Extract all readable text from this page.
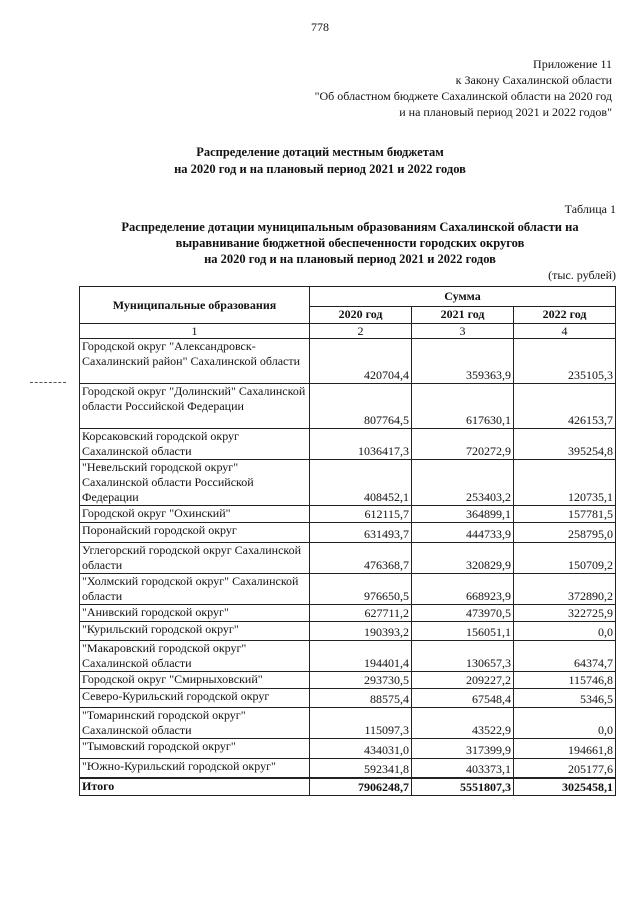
778
Приложение 11
к Закону Сахалинской области
"Об областном бюджете Сахалинской области на 2020 год
и на плановый период 2021 и 2022 годов"
Распределение дотаций местным бюджетам
на 2020 год и на плановый период 2021 и 2022 годов
Таблица 1
Распределение дотации муниципальным образованиям Сахалинской области на
выравнивание бюджетной обеспеченности городских округов
на 2020 год и на плановый период 2021 и 2022 годов
(тыс. рублей)
Муниципальные образования	Сумма		
	2020 год	2021 год	2022 год
1	2	3	4
Городской округ "Александровск-Сахалинский район" Сахалинской области	420704,4	359363,9	235105,3
Городской округ "Долинский" Сахалинской области Российской Федерации	807764,5	617630,1	426153,7
Корсаковский городской округ Сахалинской области	1036417,3	720272,9	395254,8
"Невельский городской округ" Сахалинской области Российской Федерации	408452,1	253403,2	120735,1
Городской округ "Охинский"	612115,7	364899,1	157781,5
Поронайский городской округ	631493,7	444733,9	258795,0
Углегорский городской округ Сахалинской области	476368,7	320829,9	150709,2
"Холмский городской округ" Сахалинской области	976650,5	668923,9	372890,2
"Анивский городской округ"	627711,2	473970,5	322725,9
"Курильский городской округ"	190393,2	156051,1	0,0
"Макаровский городской округ" Сахалинской области	194401,4	130657,3	64374,7
Городской округ "Смирныховский"	293730,5	209227,2	115746,8
Северо-Курильский городской округ	88575,4	67548,4	5346,5
"Томаринский городской округ" Сахалинской области	115097,3	43522,9	0,0
"Тымовский городской округ"	434031,0	317399,9	194661,8
"Южно-Курильский городской округ"	592341,8	403373,1	205177,6
Итого	7906248,7	5551807,3	3025458,1
